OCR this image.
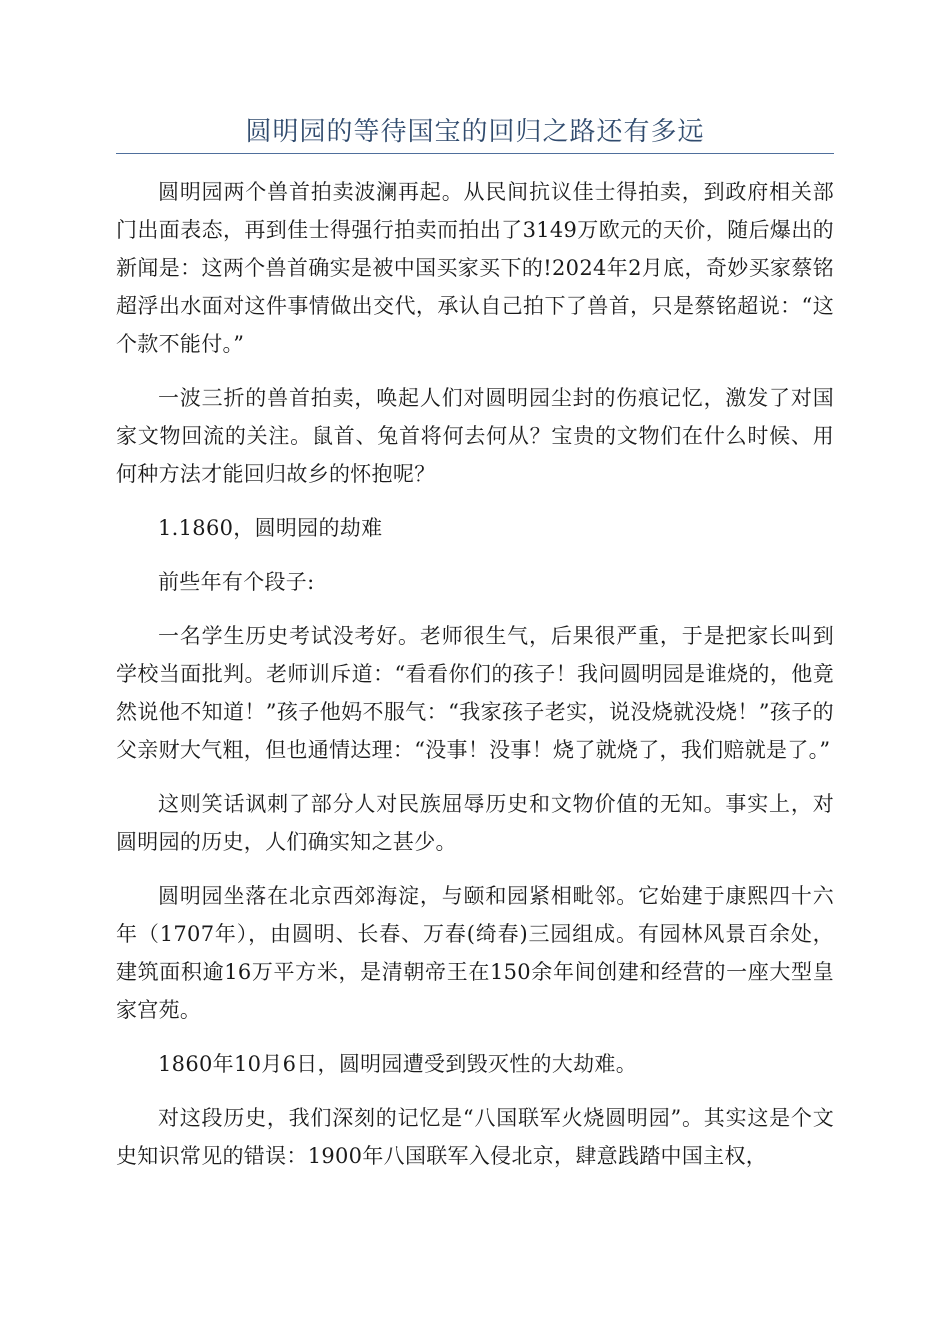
圆明园的等待国宝的回归之路还有多远

圆明园两个兽首拍卖波澜再起。从民间抗议佳士得拍卖，到政府相关部门出面表态，再到佳士得强行拍卖而拍出了3149万欧元的天价，随后爆出的新闻是：这两个兽首确实是被中国买家买下的!2024年2月底，奇妙买家蔡铭超浮出水面对这件事情做出交代，承认自己拍下了兽首，只是蔡铭超说：“这个款不能付。”

一波三折的兽首拍卖，唤起人们对圆明园尘封的伤痕记忆，激发了对国家文物回流的关注。鼠首、兔首将何去何从？宝贵的文物们在什么时候、用何种方法才能回归故乡的怀抱呢？

1.1860，圆明园的劫难

前些年有个段子:

一名学生历史考试没考好。老师很生气，后果很严重，于是把家长叫到学校当面批判。老师训斥道：“看看你们的孩子！我问圆明园是谁烧的，他竟然说他不知道！”孩子他妈不服气：“我家孩子老实，说没烧就没烧！”孩子的父亲财大气粗，但也通情达理：“没事！没事！烧了就烧了，我们赔就是了。”

这则笑话讽刺了部分人对民族屈辱历史和文物价值的无知。事实上，对圆明园的历史，人们确实知之甚少。

圆明园坐落在北京西郊海淀，与颐和园紧相毗邻。它始建于康熙四十六年（1707年），由圆明、长春、万春(绮春)三园组成。有园林风景百余处，建筑面积逾16万平方米，是清朝帝王在150余年间创建和经营的一座大型皇家宫苑。

1860年10月6日，圆明园遭受到毁灭性的大劫难。

对这段历史，我们深刻的记忆是“八国联军火烧圆明园”。其实这是个文史知识常见的错误：1900年八国联军入侵北京，肆意践踏中国主权，
